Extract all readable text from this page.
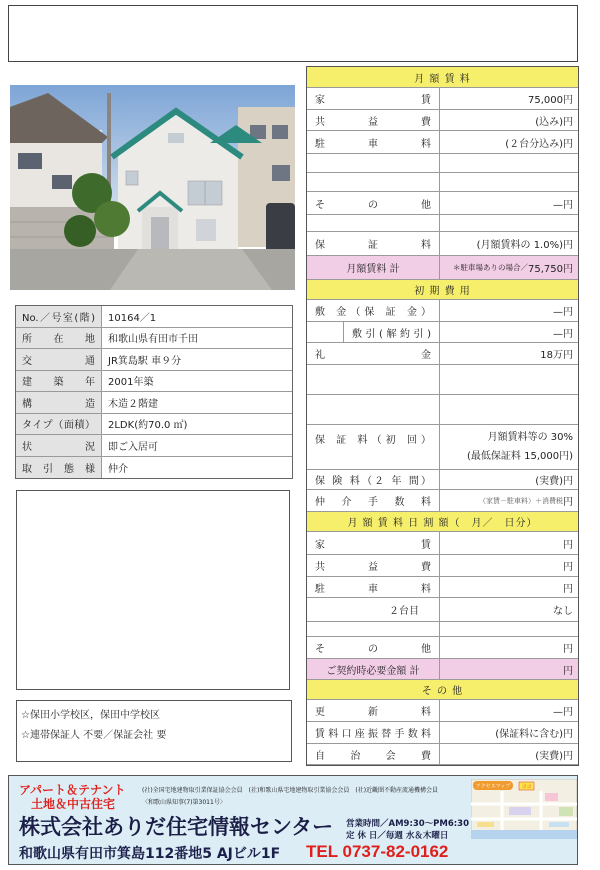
No.／号室(階) 10164／1
所 在 地 和歌山県有田市千田
交 通 JR箕島駅 車９分
建 築 年 2001年築
構 造 木造２階建
タイプ（面積） 2LDK(約70.0 ㎡)
状 況 即ご入居可
取 引 態 様 仲介
☆保田小学校区，保田中学校区
☆連帯保証人 不要／保証会社 要
月 額 賃 料
家 賃	75,000円
共 益 費	(込み)円
駐 車 料	(２台分込み)円
そ の 他	—円
保 証 料	(月額賃料の 1.0%)円
月額賃料 計	＊駐車場ありの場合／ 75,750円
初 期 費 用
敷 金（保 証 金）	—円
敷引(解約引)	—円
礼 金	18万円
保 証 料（初 回）	月額賃料等の 30%
(最低保証料 15,000円)
保 険 料（２ 年 間）	(実費)円
仲 介 手 数 料	（家賃－駐車料）＋消費税 円
月 額 賃 料 日 割 額（　月／　日分）
家 賃	円
共 益 費	円
駐 車 料	円
２台目	なし
そ の 他	円
ご契約時必要金額 計	円
そ の 他
更 新 料	—円
賃料口座振替手数料	(保証料に含む)円
自 治 会 費	(実費)円
アパート＆テナント
土地＆中古住宅
(社)全国宅地建物取引業保証協会会員　(社)和歌山県宅地建物取引業協会会員　(社)近畿圏不動産流通機構会員
〈和歌山県知事(7)第3011号〉
株式会社ありだ住宅情報センター 営業時間／AM9:30～PM6:30
定 休 日／毎週 水＆木曜日
和歌山県有田市箕島112番地5 AJビル1F TEL 0737-82-0162
アクセスマップ ココ
